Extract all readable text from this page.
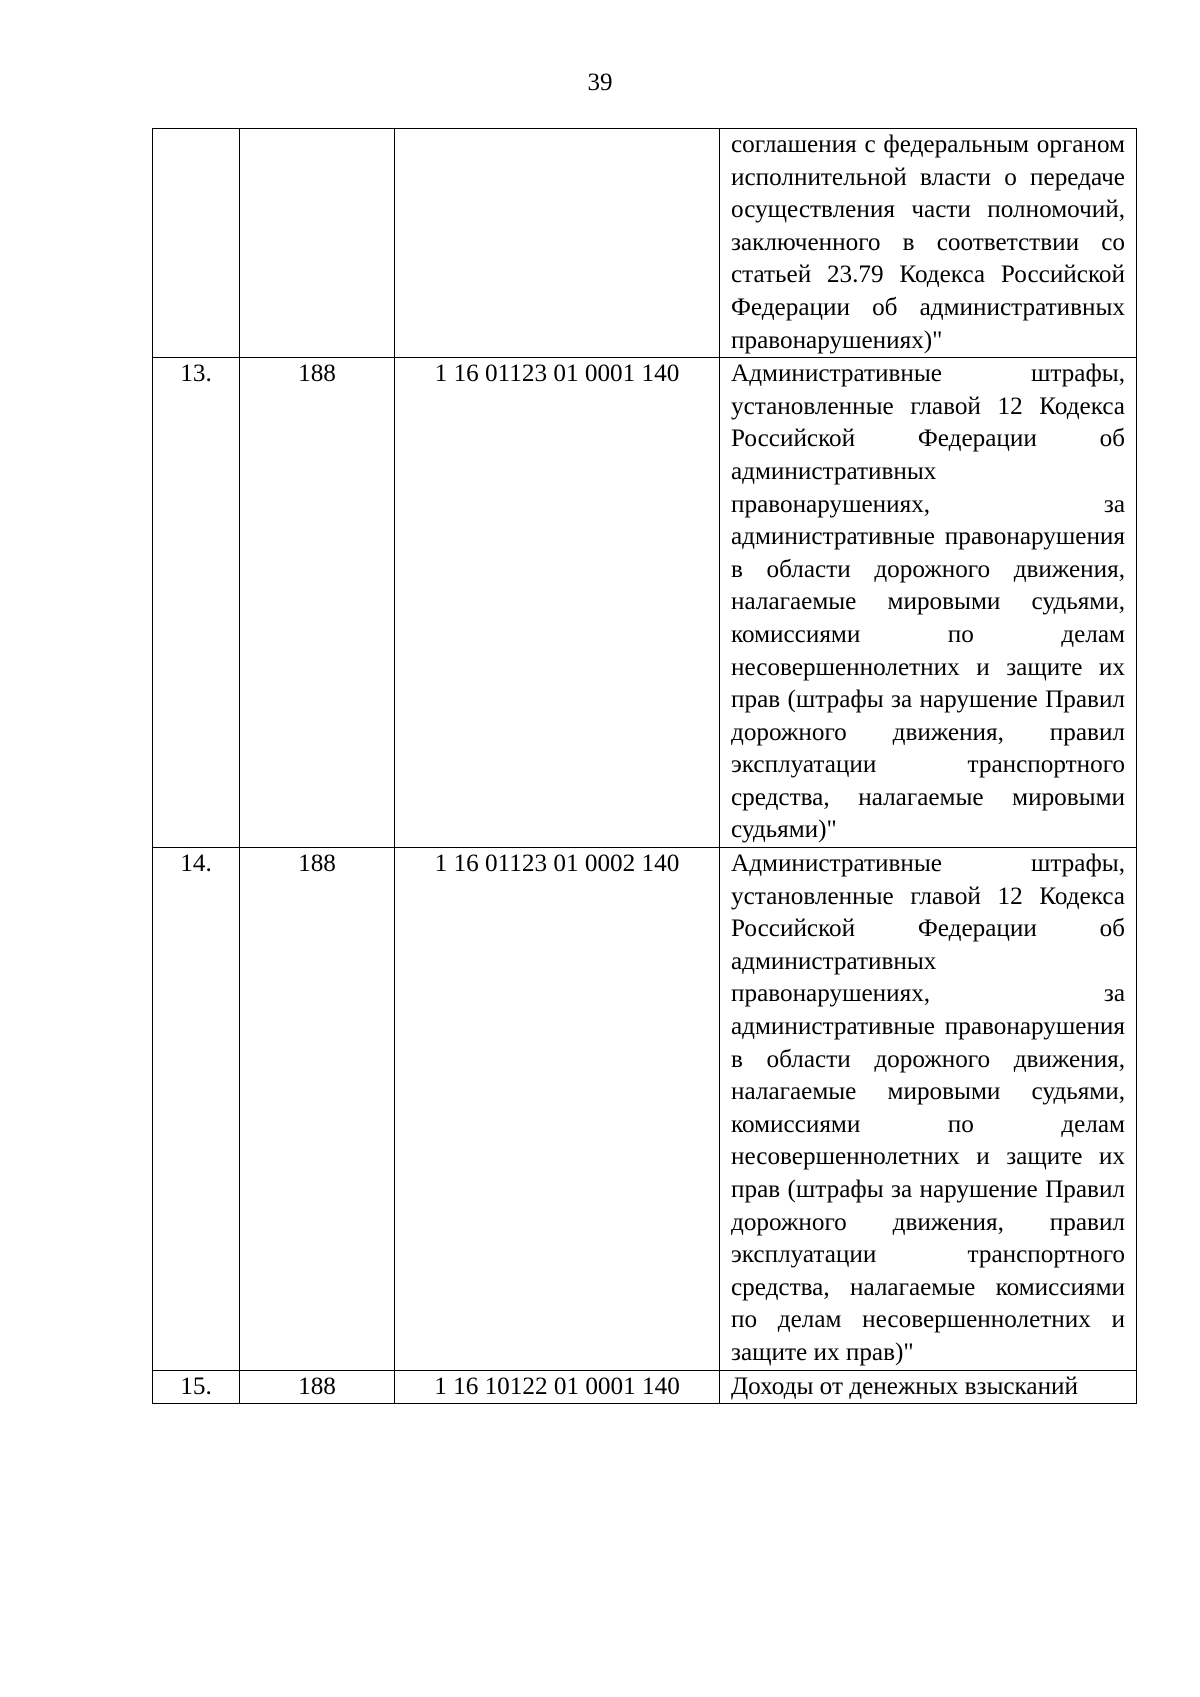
39
			соглашения с федеральным органом исполнительной власти о передаче осуществления части полномочий, заключенного в соответствии со статьей 23.79 Кодекса Российской Федерации об административных правонарушениях)"
13.	188	1 16 01123 01 0001 140	Административные штрафы, установленные главой 12 Кодекса Российской Федерации об административных правонарушениях, за административные правонарушения в области дорожного движения, налагаемые мировыми судьями, комиссиями по делам несовершеннолетних и защите их прав (штрафы за нарушение Правил дорожного движения, правил эксплуатации транспортного средства, налагаемые мировыми судьями)"
14.	188	1 16 01123 01 0002 140	Административные штрафы, установленные главой 12 Кодекса Российской Федерации об административных правонарушениях, за административные правонарушения в области дорожного движения, налагаемые мировыми судьями, комиссиями по делам несовершеннолетних и защите их прав (штрафы за нарушение Правил дорожного движения, правил эксплуатации транспортного средства, налагаемые комиссиями по делам несовершеннолетних и защите их прав)"
15.	188	1 16 10122 01 0001 140	Доходы от денежных взысканий
